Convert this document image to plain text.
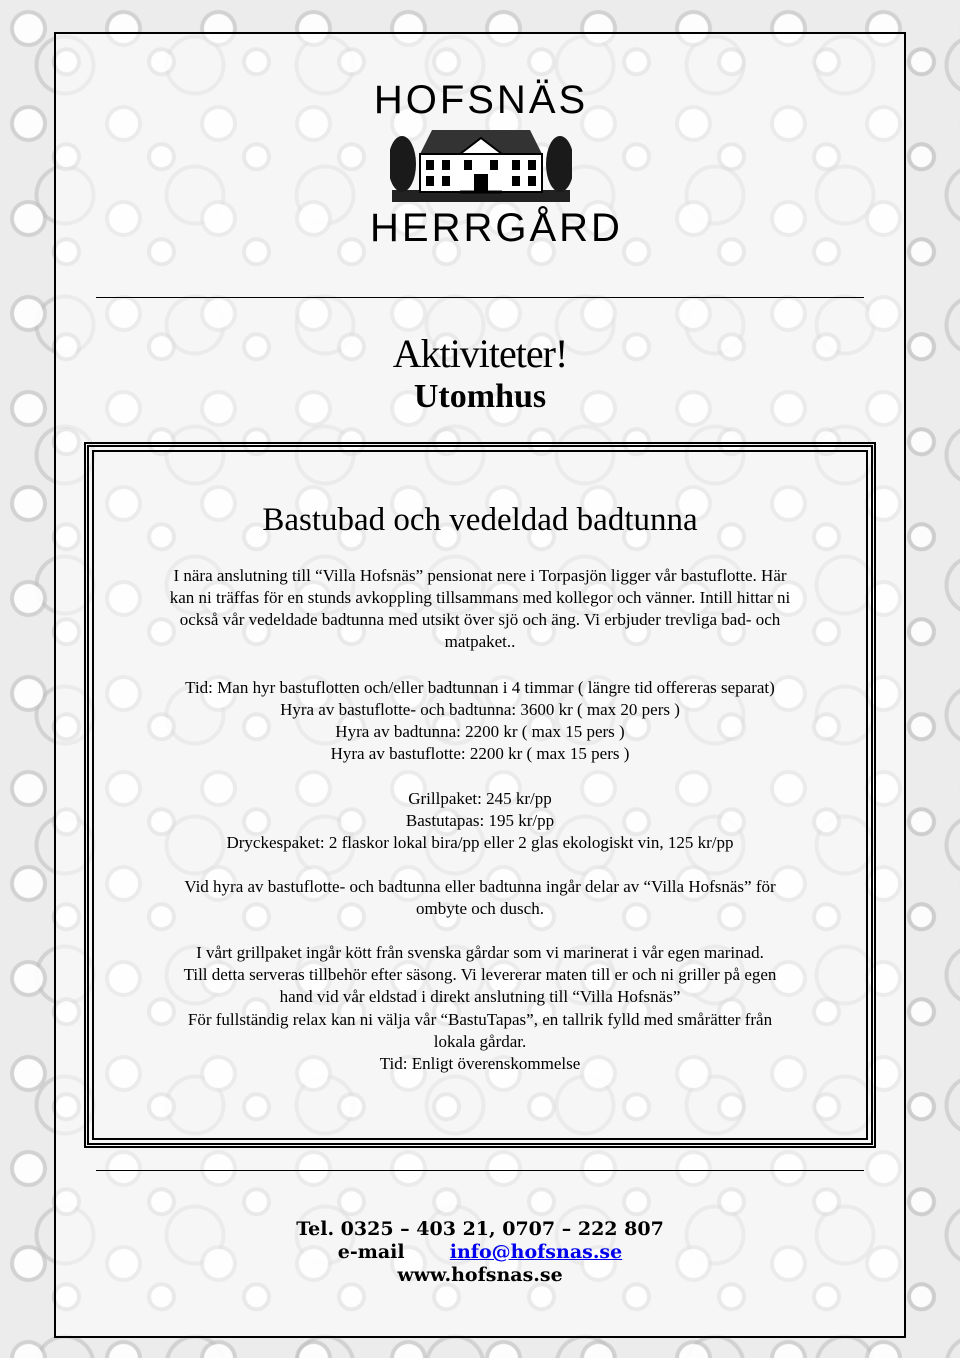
HOFSNÄS
HERRGÅRD
Aktiviteter!
Utomhus
Bastubad och vedeldad badtunna
I nära anslutning till “Villa Hofsnäs” pensionat nere i Torpasjön ligger vår bastuflotte. Här
kan ni träffas för en stunds avkoppling tillsammans med kollegor och vänner. Intill hittar ni
också vår vedeldade badtunna med utsikt över sjö och äng. Vi erbjuder trevliga bad- och
matpaket..
Tid: Man hyr bastuflotten och/eller badtunnan i 4 timmar ( längre tid offereras separat)
Hyra av bastuflotte- och badtunna: 3600 kr ( max 20 pers )
Hyra av badtunna: 2200 kr ( max 15 pers )
Hyra av bastuflotte: 2200 kr ( max 15 pers )
Grillpaket: 245 kr/pp
Bastutapas: 195 kr/pp
Dryckespaket: 2 flaskor lokal bira/pp eller 2 glas ekologiskt vin, 125 kr/pp
Vid hyra av bastuflotte- och badtunna eller badtunna ingår delar av “Villa Hofsnäs” för
ombyte och dusch.
I vårt grillpaket ingår kött från svenska gårdar som vi marinerat i vår egen marinad.
Till detta serveras tillbehör efter säsong. Vi levererar maten till er och ni griller på egen
hand vid vår eldstad i direkt anslutning till “Villa Hofsnäs”
För fullständig relax kan ni välja vår “BastuTapas”, en tallrik fylld med smårätter från
lokala gårdar.
Tid: Enligt överenskommelse
Tel. 0325 – 403 21, 0707 – 222 807
e-mail info@hofsnas.se
www.hofsnas.se
